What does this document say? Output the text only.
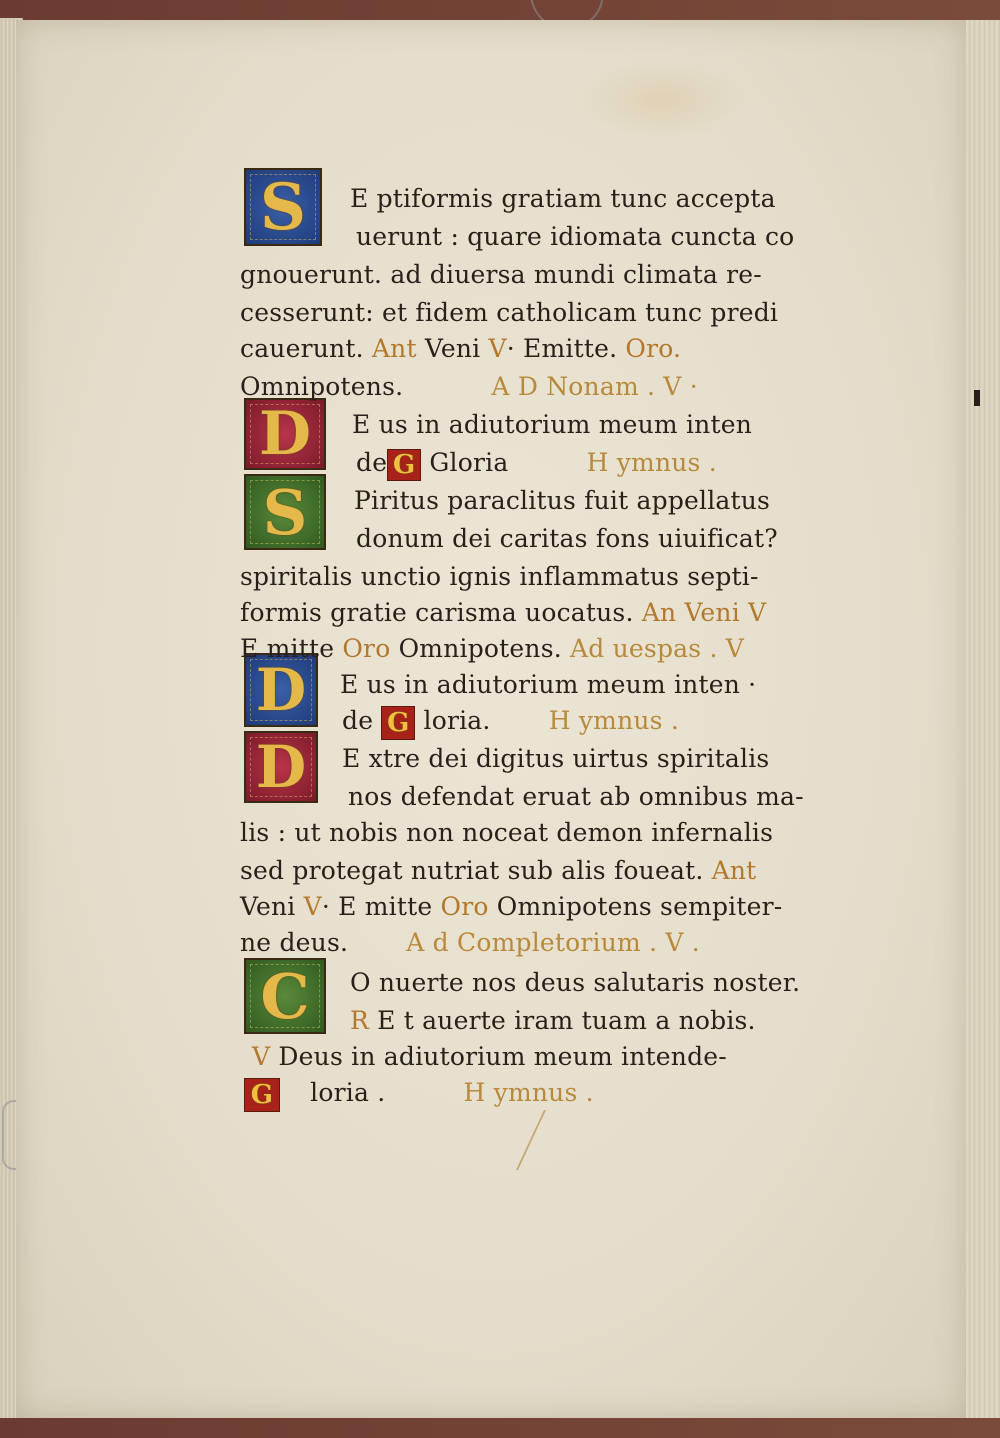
S
D
S
D
D
C
E ptiformis gratiam tunc accepta
uerunt : quare idiomata cuncta co
gnouerunt. ad diuersa mundi climata re-
cesserunt: et fidem catholicam tunc predi
cauerunt. Ant Veni V· Emitte. Oro.
Omnipotens.	A D Nonam . V ·
E us in adiutorium meum inten
de G Gloria	H ymnus .
Piritus paraclitus fuit appellatus
donum dei caritas fons uiuificat?
spiritalis unctio ignis inflammatus septi-
formis gratie carisma uocatus. An Veni V
E mitte Oro Omnipotens. Ad uespas . V
E us in adiutorium meum inten ·
de G loria. H ymnus .
E xtre dei digitus uirtus spiritalis
nos defendat eruat ab omnibus ma-
lis : ut nobis non noceat demon infernalis
sed protegat nutriat sub alis foueat. Ant
Veni V· E mitte Oro Omnipotens sempiter-
ne deus. A d Completorium . V .
O nuerte nos deus salutaris noster.
R E t auerte iram tuam a nobis.
V Deus in adiutorium meum intende-
G loria .	H ymnus .
